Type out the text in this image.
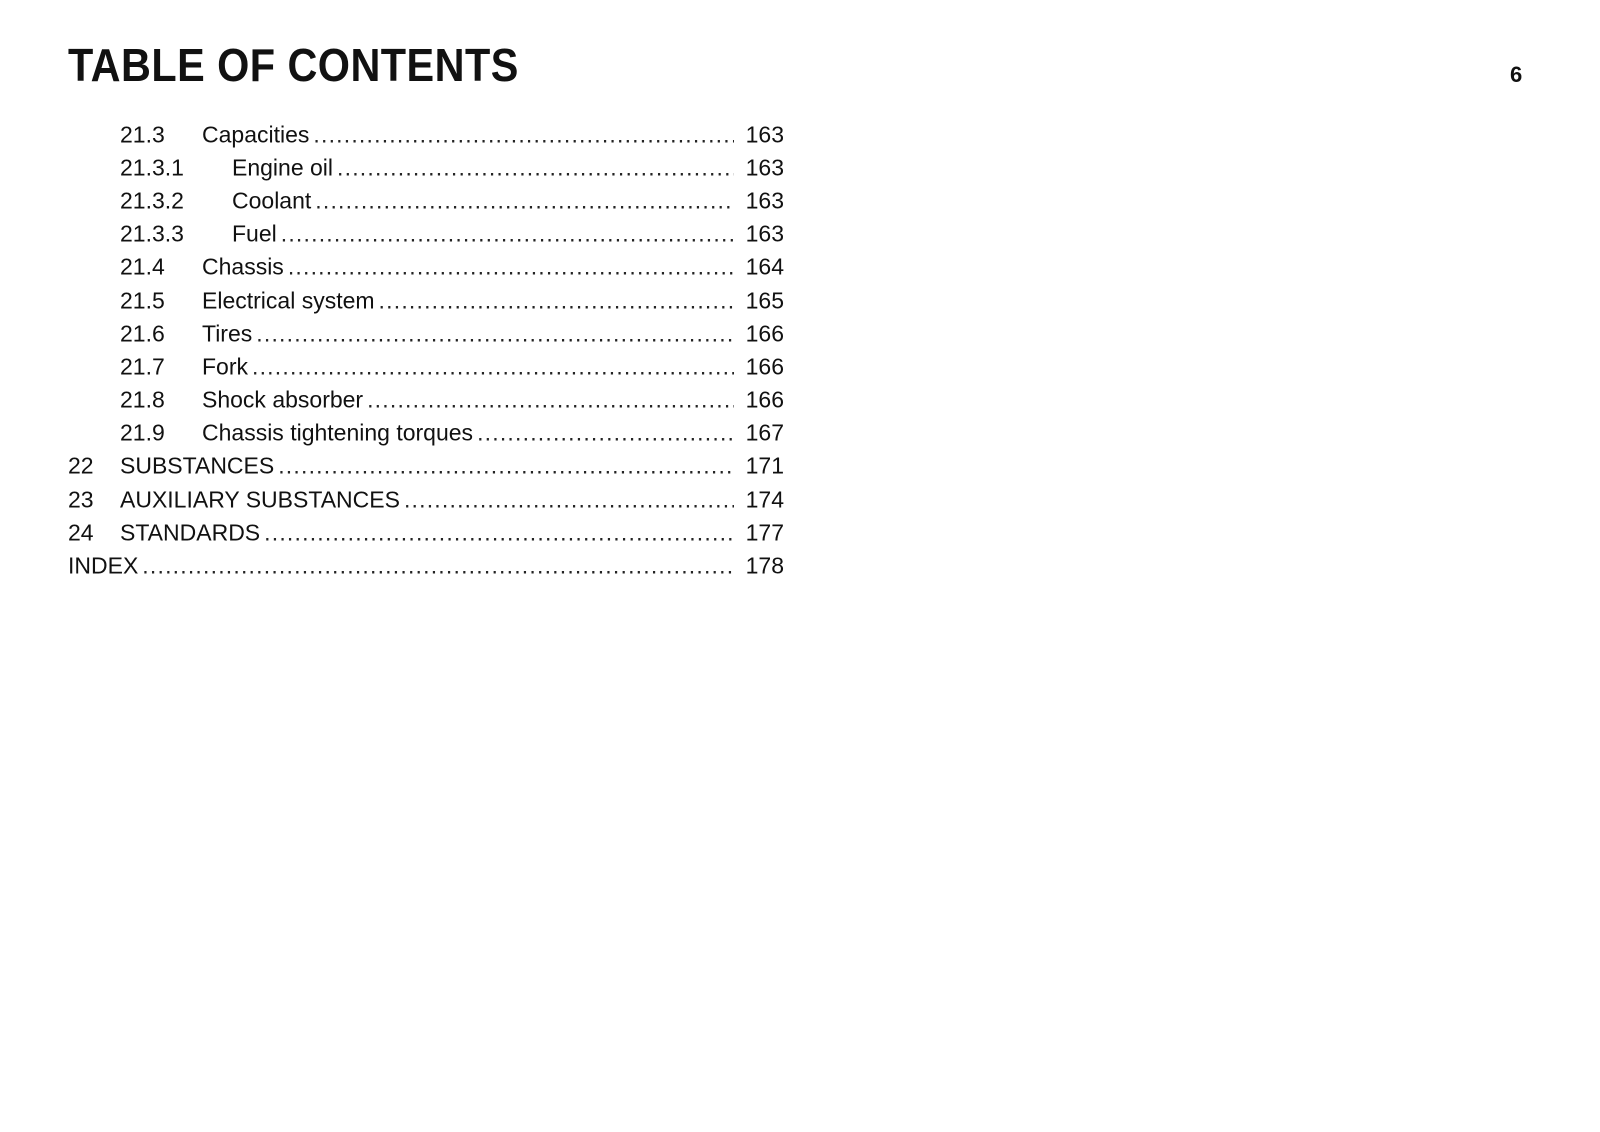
TABLE OF CONTENTS	6
21.3 Capacities .....	163
21.3.1 Engine oil .....	163
21.3.2 Coolant .....	163
21.3.3 Fuel .....	163
21.4 Chassis .....	164
21.5 Electrical system .....	165
21.6 Tires .....	166
21.7 Fork .....	166
21.8 Shock absorber .....	166
21.9 Chassis tightening torques .....	167
22 SUBSTANCES .....	171
23 AUXILIARY SUBSTANCES .....	174
24 STANDARDS .....	177
INDEX .....	178
